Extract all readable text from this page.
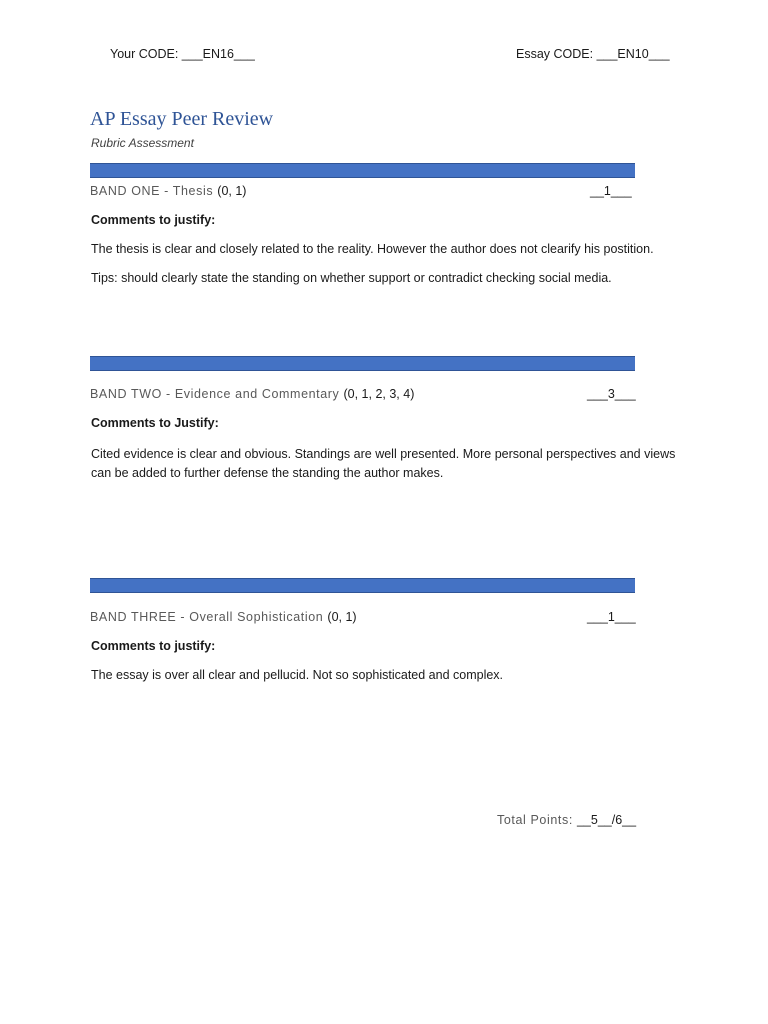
Your CODE: ___EN16___	Essay CODE: ___EN10___
AP Essay Peer Review
Rubric Assessment
BAND ONE - Thesis (0, 1)	__1___
Comments to justify:
The thesis is clear and closely related to the reality. However the author does not clearify his postition.
Tips: should clearly state the standing on whether support or contradict checking social media.
BAND TWO - Evidence and Commentary (0, 1, 2, 3, 4)	___3___
Comments to Justify:
Cited evidence is clear and obvious. Standings are well presented. More personal perspectives and views can be added to further defense the standing the author makes.
BAND THREE - Overall Sophistication (0, 1)	___1___
Comments to justify:
The essay is over all clear and pellucid. Not so sophisticated and complex.
Total Points: __5__/6__
